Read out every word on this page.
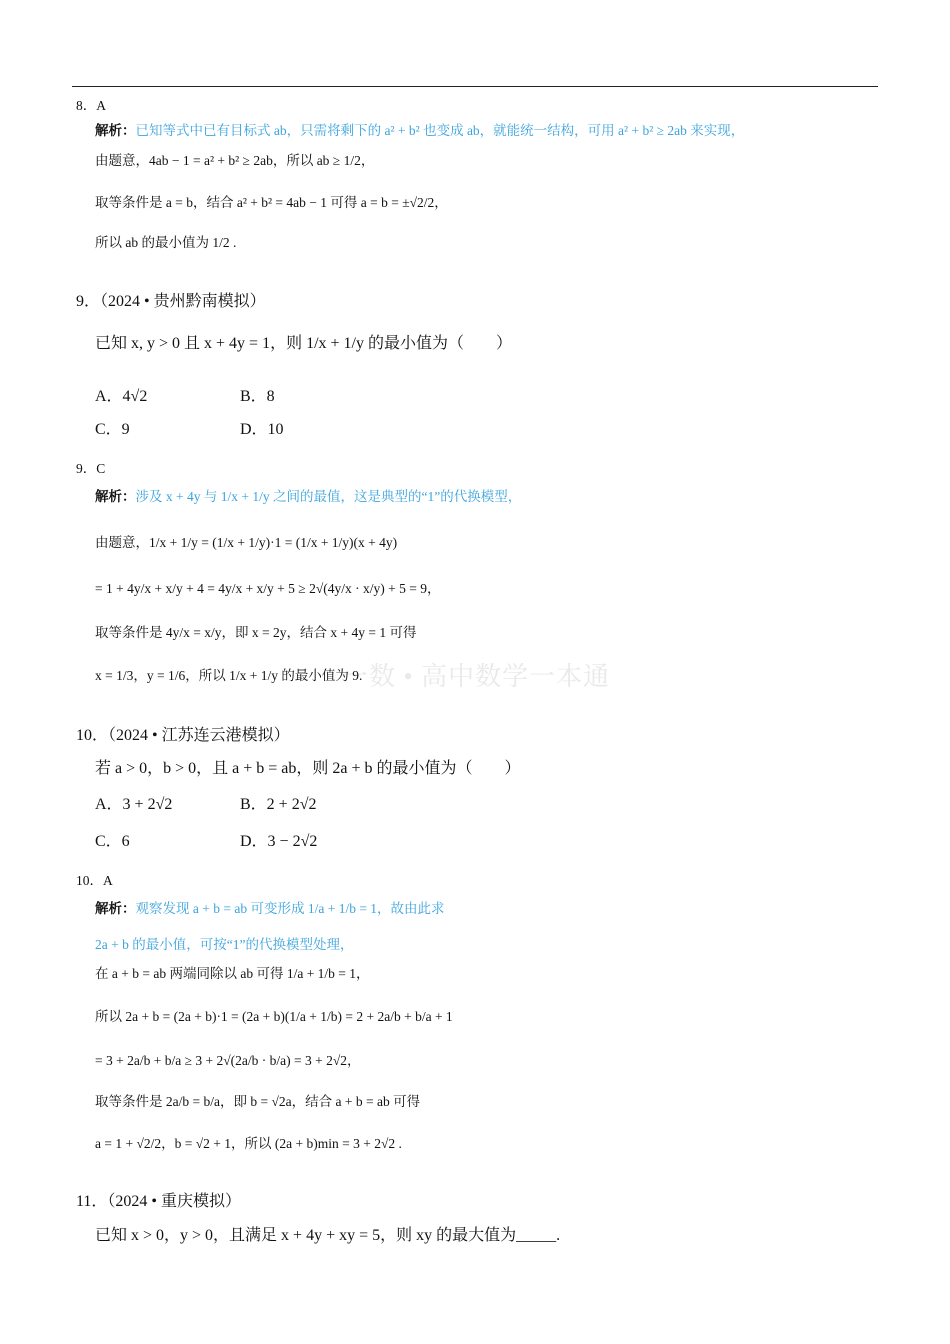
一数 • 高中数学一本通
8．A
解析：已知等式中已有目标式 ab，只需将剩下的 a² + b² 也变成 ab，就能统一结构，可用 a² + b² ≥ 2ab 来实现，
由题意，4ab − 1 = a² + b² ≥ 2ab，所以 ab ≥ 1/2，
取等条件是 a = b，结合 a² + b² = 4ab − 1 可得 a = b = ±√2/2，
所以 ab 的最小值为 1/2 .
9．（2024 • 贵州黔南模拟）
已知 x, y > 0 且 x + 4y = 1，则 1/x + 1/y 的最小值为（　　）
A．4√2	B．8
C．9	D．10
9．C
解析：涉及 x + 4y 与 1/x + 1/y 之间的最值，这是典型的“1”的代换模型，
由题意，1/x + 1/y = (1/x + 1/y)·1 = (1/x + 1/y)(x + 4y)
= 1 + 4y/x + x/y + 4 = 4y/x + x/y + 5 ≥ 2√(4y/x · x/y) + 5 = 9，
取等条件是 4y/x = x/y，即 x = 2y，结合 x + 4y = 1 可得
x = 1/3，y = 1/6，所以 1/x + 1/y 的最小值为 9.
10．（2024 • 江苏连云港模拟）
若 a > 0，b > 0，且 a + b = ab，则 2a + b 的最小值为（　　）
A．3 + 2√2	B．2 + 2√2
C．6	D．3 − 2√2
10．A
解析：观察发现 a + b = ab 可变形成 1/a + 1/b = 1，故由此求
2a + b 的最小值，可按“1”的代换模型处理，
在 a + b = ab 两端同除以 ab 可得 1/a + 1/b = 1，
所以 2a + b = (2a + b)·1 = (2a + b)(1/a + 1/b) = 2 + 2a/b + b/a + 1
= 3 + 2a/b + b/a ≥ 3 + 2√(2a/b · b/a) = 3 + 2√2，
取等条件是 2a/b = b/a，即 b = √2a，结合 a + b = ab 可得
a = 1 + √2/2，b = √2 + 1，所以 (2a + b)min = 3 + 2√2 .
11．（2024 • 重庆模拟）
已知 x > 0，y > 0，且满足 x + 4y + xy = 5，则 xy 的最大值为_____.
